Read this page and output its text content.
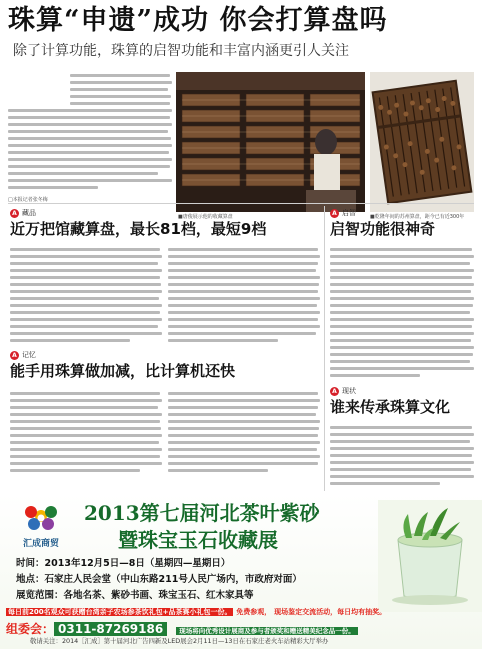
珠算“申遗”成功 你会打算盘吗
除了计算功能，珠算的启智功能和丰富内涵更引人关注
□本报记者张冬梅
■唐俊展示他的收藏算盘	■乾隆年间的苏州算盘，距今已有近300年
A 藏品
近万把馆藏算盘，最长81档，最短9档
A 启智
启智功能很神奇
A 记忆
能手用珠算做加减，比计算机还快
A 现状
谁来传承珠算文化
汇成商贸
2013第七届河北茶叶紫砂
暨珠宝玉石收藏展
时间：2013年12月5日—8日（星期四—星期日）
地点：石家庄人民会堂（中山东路211号人民广场内，市政府对面）
展览范围：各地名茶、紫砂书画、珠宝玉石、红木家具等
每日前200名观众可获赠台湾亲子农场参茶饮礼包+品茶赛小礼包一份。 免费参观， 现场鉴定交流活动，每日均有抽奖。
组委会： 0311-87269186 现场将向优秀设计展商及参与者颁奖和赠送精美纪念品一份。
敬请关注：2014［汇成］第十届河北广告四新及LED展会2月11日—13日在石家庄老火车站精彩大厅举办
